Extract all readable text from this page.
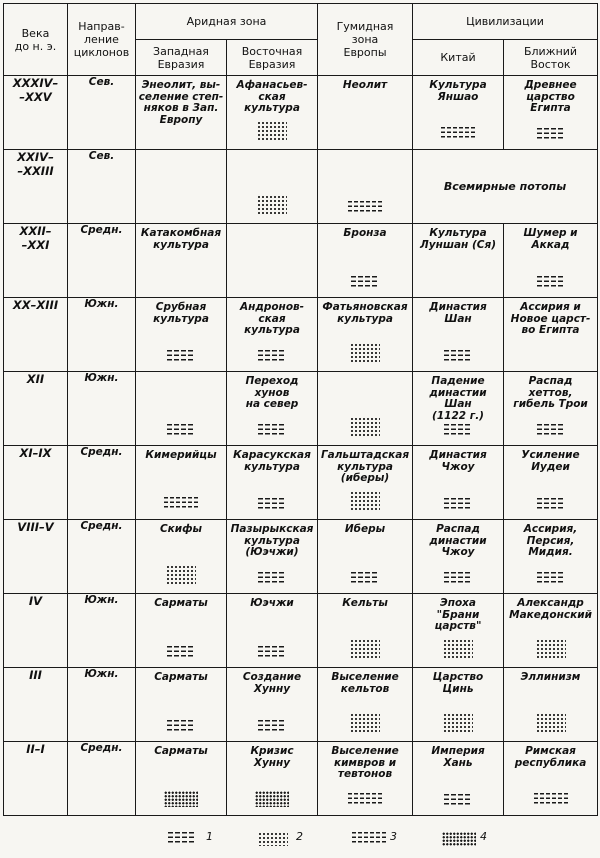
Века
до н. э.	Направ-
ление
циклонов	Аридная зона		Гумидная
зона
Европы	Цивилизации	
		Западная
Евразия	Восточная
Евразия		Китай	Ближний
Восток
XXXIV–
–XXV	Сев.	Энеолит, вы-
селение степ-
няков в Зап.
Европу	Афанасьев-
ская
культура	Неолит	Культура
Яншао	Древнее
царство
Египта

XXIV–
–XXIII	Сев.				Всемирные потопы	
XXII–
–XXI	Средн.	Катакомбная
культура		Бронза	Культура
Луншан (Ся)	Шумер и
Аккад

XX–XIII	Южн.	Срубная
культура	Андронов-
ская
культура	Фатьяновская
культура	Династия
Шан	Ассирия и
Новое царст-
во Египта

XII	Южн.		Переход
хунов
на север		Падение
династии Шан
(1122 г.)	Распад
хеттов,
гибель Трои

XI–IX	Средн.	Кимерийцы	Карасукская
культура	Гальштадская
культура
(иберы)	Династия
Чжоу	Усиление
Иудеи

VIII–V	Средн.	Скифы	Пазырыкская
культура
(Юэчжи)	Иберы	Распад
династии
Чжоу	Ассирия,
Персия,
Мидия.

IV	Южн.	Сарматы	Юэчжи	Кельты	Эпоха
"Брани
царств"	Александр
Македонский

III	Южн.	Сарматы	Создание
Хунну	Выселение
кельтов	Царство
Цинь	Эллинизм

II–I	Средн.	Сарматы	Кризис
Хунну	Выселение
кимвров и
тевтонов	Империя
Хань	Римская
республика
1	2	3	4
